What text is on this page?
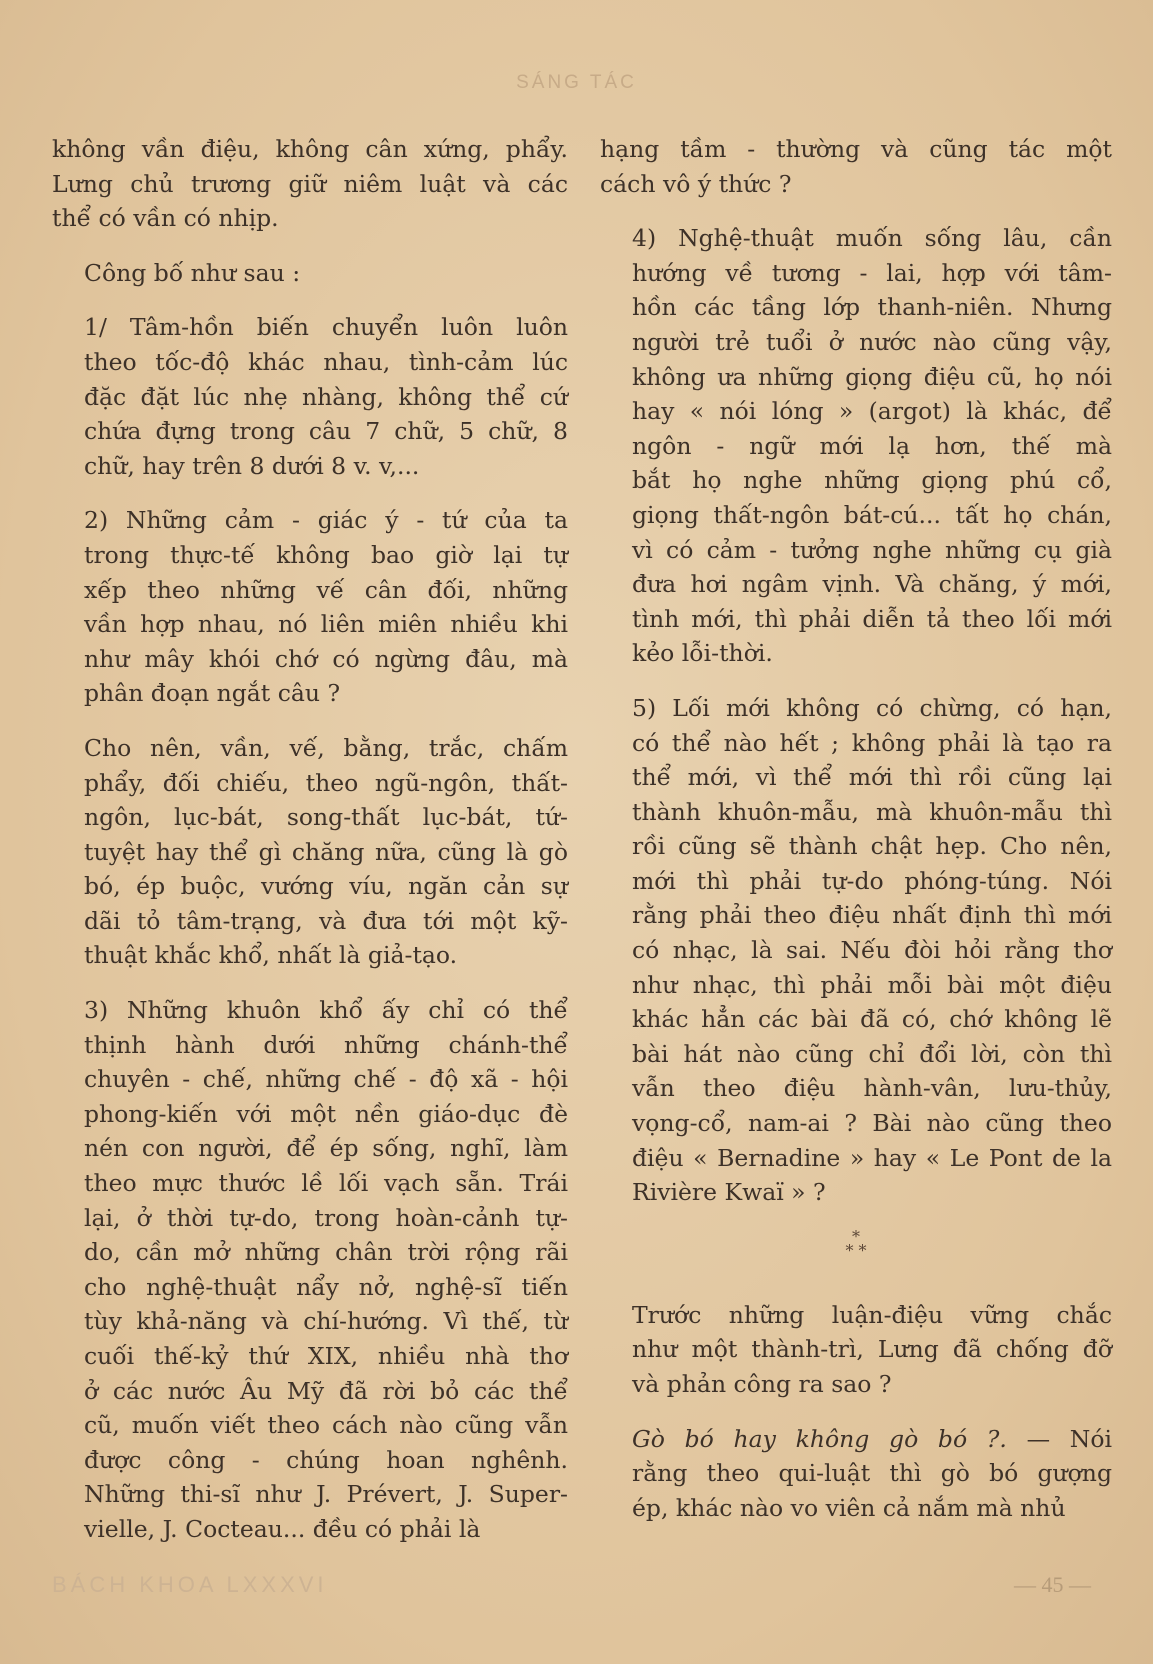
SÁNG TÁC

không vần điệu, không cân xứng, phẩy.
Lưng chủ trương giữ niêm luật và các
thể có vần có nhịp.

Công bố như sau :

1/ Tâm-hồn biến chuyển luôn luôn
theo tốc-độ khác nhau, tình-cảm lúc
đặc đặt lúc nhẹ nhàng, không thể cứ
chứa đựng trong câu 7 chữ, 5 chữ, 8
chữ, hay trên 8 dưới 8 v. v,...

2) Những cảm - giác ý - tứ của ta
trong thực-tế không bao giờ lại tự
xếp theo những vế cân đối, những
vần hợp nhau, nó liên miên nhiều khi
như mây khói chớ có ngừng đâu, mà
phân đoạn ngắt câu ?

Cho nên, vần, vế, bằng, trắc, chấm
phẩy, đối chiếu, theo ngũ-ngôn, thất-
ngôn, lục-bát, song-thất lục-bát, tứ-
tuyệt hay thể gì chăng nữa, cũng là gò
bó, ép buộc, vướng víu, ngăn cản sự
dãi tỏ tâm-trạng, và đưa tới một kỹ-
thuật khắc khổ, nhất là giả-tạo.

3) Những khuôn khổ ấy chỉ có thể
thịnh hành dưới những chánh-thể
chuyên - chế, những chế - độ xã - hội
phong-kiến với một nền giáo-dục đè
nén con người, để ép sống, nghĩ, làm
theo mực thước lề lối vạch sẵn. Trái
lại, ở thời tự-do, trong hoàn-cảnh tự-
do, cần mở những chân trời rộng rãi
cho nghệ-thuật nẩy nở, nghệ-sĩ tiến
tùy khả-năng và chí-hướng. Vì thế, từ
cuối thế-kỷ thứ XIX, nhiều nhà thơ
ở các nước Âu Mỹ đã rời bỏ các thể
cũ, muốn viết theo cách nào cũng vẫn
được công - chúng hoan nghênh.
Những thi-sĩ như J. Prévert, J. Super-
vielle, J. Cocteau... đều có phải là

hạng tầm - thường và cũng tác một
cách vô ý thức ?

4) Nghệ-thuật muốn sống lâu, cần
hướng về tương - lai, hợp với tâm-
hồn các tầng lớp thanh-niên. Nhưng
người trẻ tuổi ở nước nào cũng vậy,
không ưa những giọng điệu cũ, họ nói
hay « nói lóng » (argot) là khác, để
ngôn - ngữ mới lạ hơn, thế mà
bắt họ nghe những giọng phú cổ,
giọng thất-ngôn bát-cú... tất họ chán,
vì có cảm - tưởng nghe những cụ già
đưa hơi ngâm vịnh. Và chăng, ý mới,
tình mới, thì phải diễn tả theo lối mới
kẻo lỗi-thời.

5) Lối mới không có chừng, có hạn,
có thể nào hết ; không phải là tạo ra
thể mới, vì thể mới thì rồi cũng lại
thành khuôn-mẫu, mà khuôn-mẫu thì
rồi cũng sẽ thành chật hẹp. Cho nên,
mới thì phải tự-do phóng-túng. Nói
rằng phải theo điệu nhất định thì mới
có nhạc, là sai. Nếu đòi hỏi rằng thơ
như nhạc, thì phải mỗi bài một điệu
khác hẳn các bài đã có, chớ không lẽ
bài hát nào cũng chỉ đổi lời, còn thì
vẫn theo điệu hành-vân, lưu-thủy,
vọng-cổ, nam-ai ? Bài nào cũng theo
điệu « Bernadine » hay « Le Pont de la
Rivière Kwaï » ?

*
* *

Trước những luận-điệu vững chắc
như một thành-trì, Lưng đã chống đỡ
và phản công ra sao ?

Gò bó hay không gò bó ?. — Nói
rằng theo qui-luật thì gò bó gượng
ép, khác nào vo viên cả nắm mà nhủ

BÁCH KHOA LXXXVI	— 45 —
